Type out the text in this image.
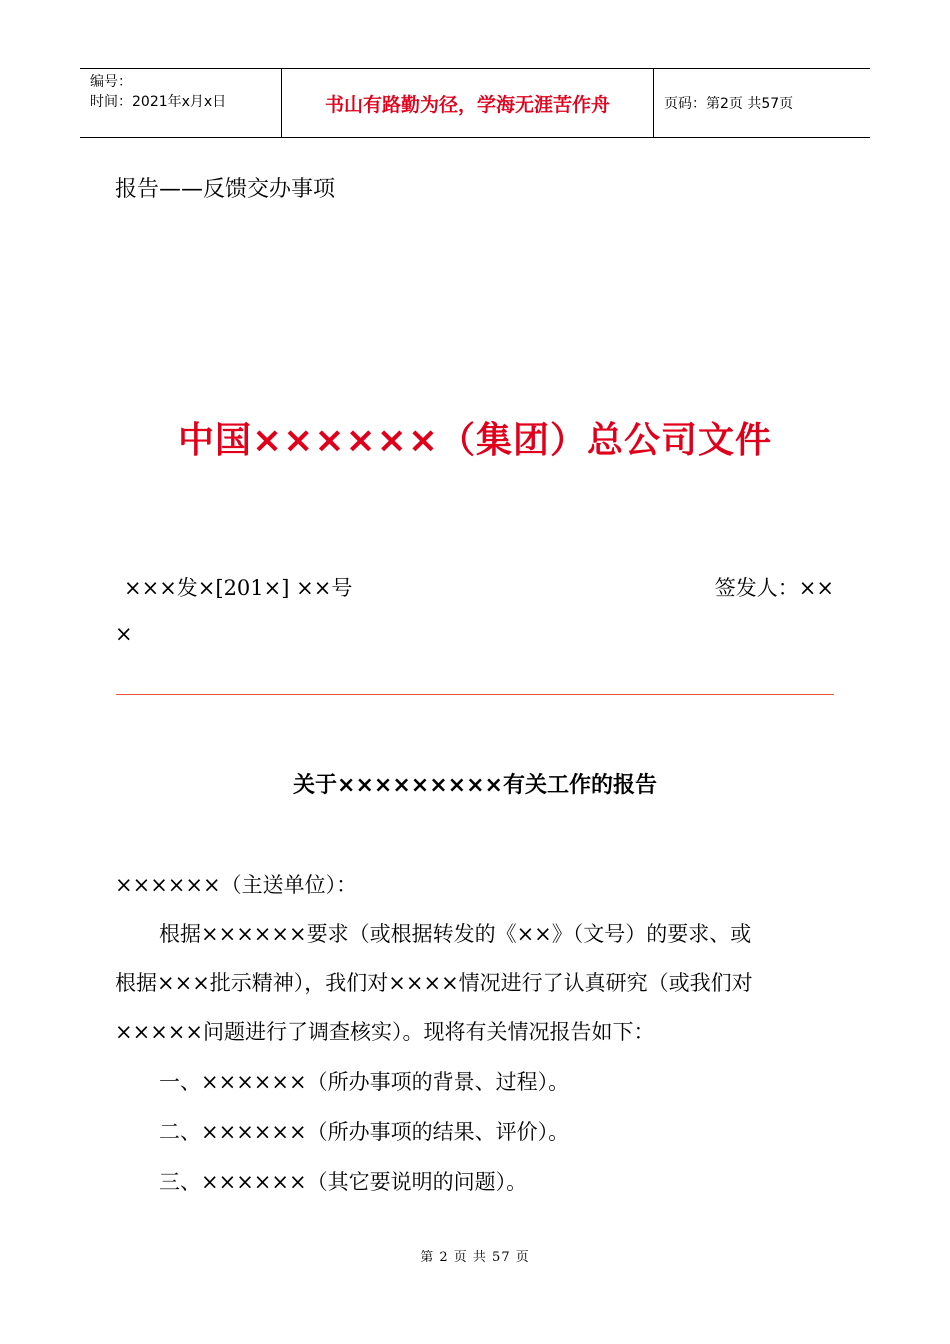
编号：
时间：2021年x月x日	书山有路勤为径，学海无涯苦作舟	页码：第2页 共57页
报告——反馈交办事项
中国××××××（集团）总公司文件
×××发×[201×] ××号	签发人：××
×
关于×××××××××有关工作的报告
××××××（主送单位）：
根据××××××要求（或根据转发的《××》（文号）的要求、或
根据×××批示精神），我们对××××情况进行了认真研究（或我们对
×××××问题进行了调查核实）。现将有关情况报告如下：
一、××××××（所办事项的背景、过程）。
二、××××××（所办事项的结果、评价）。
三、××××××（其它要说明的问题）。
第 2 页 共 57 页
